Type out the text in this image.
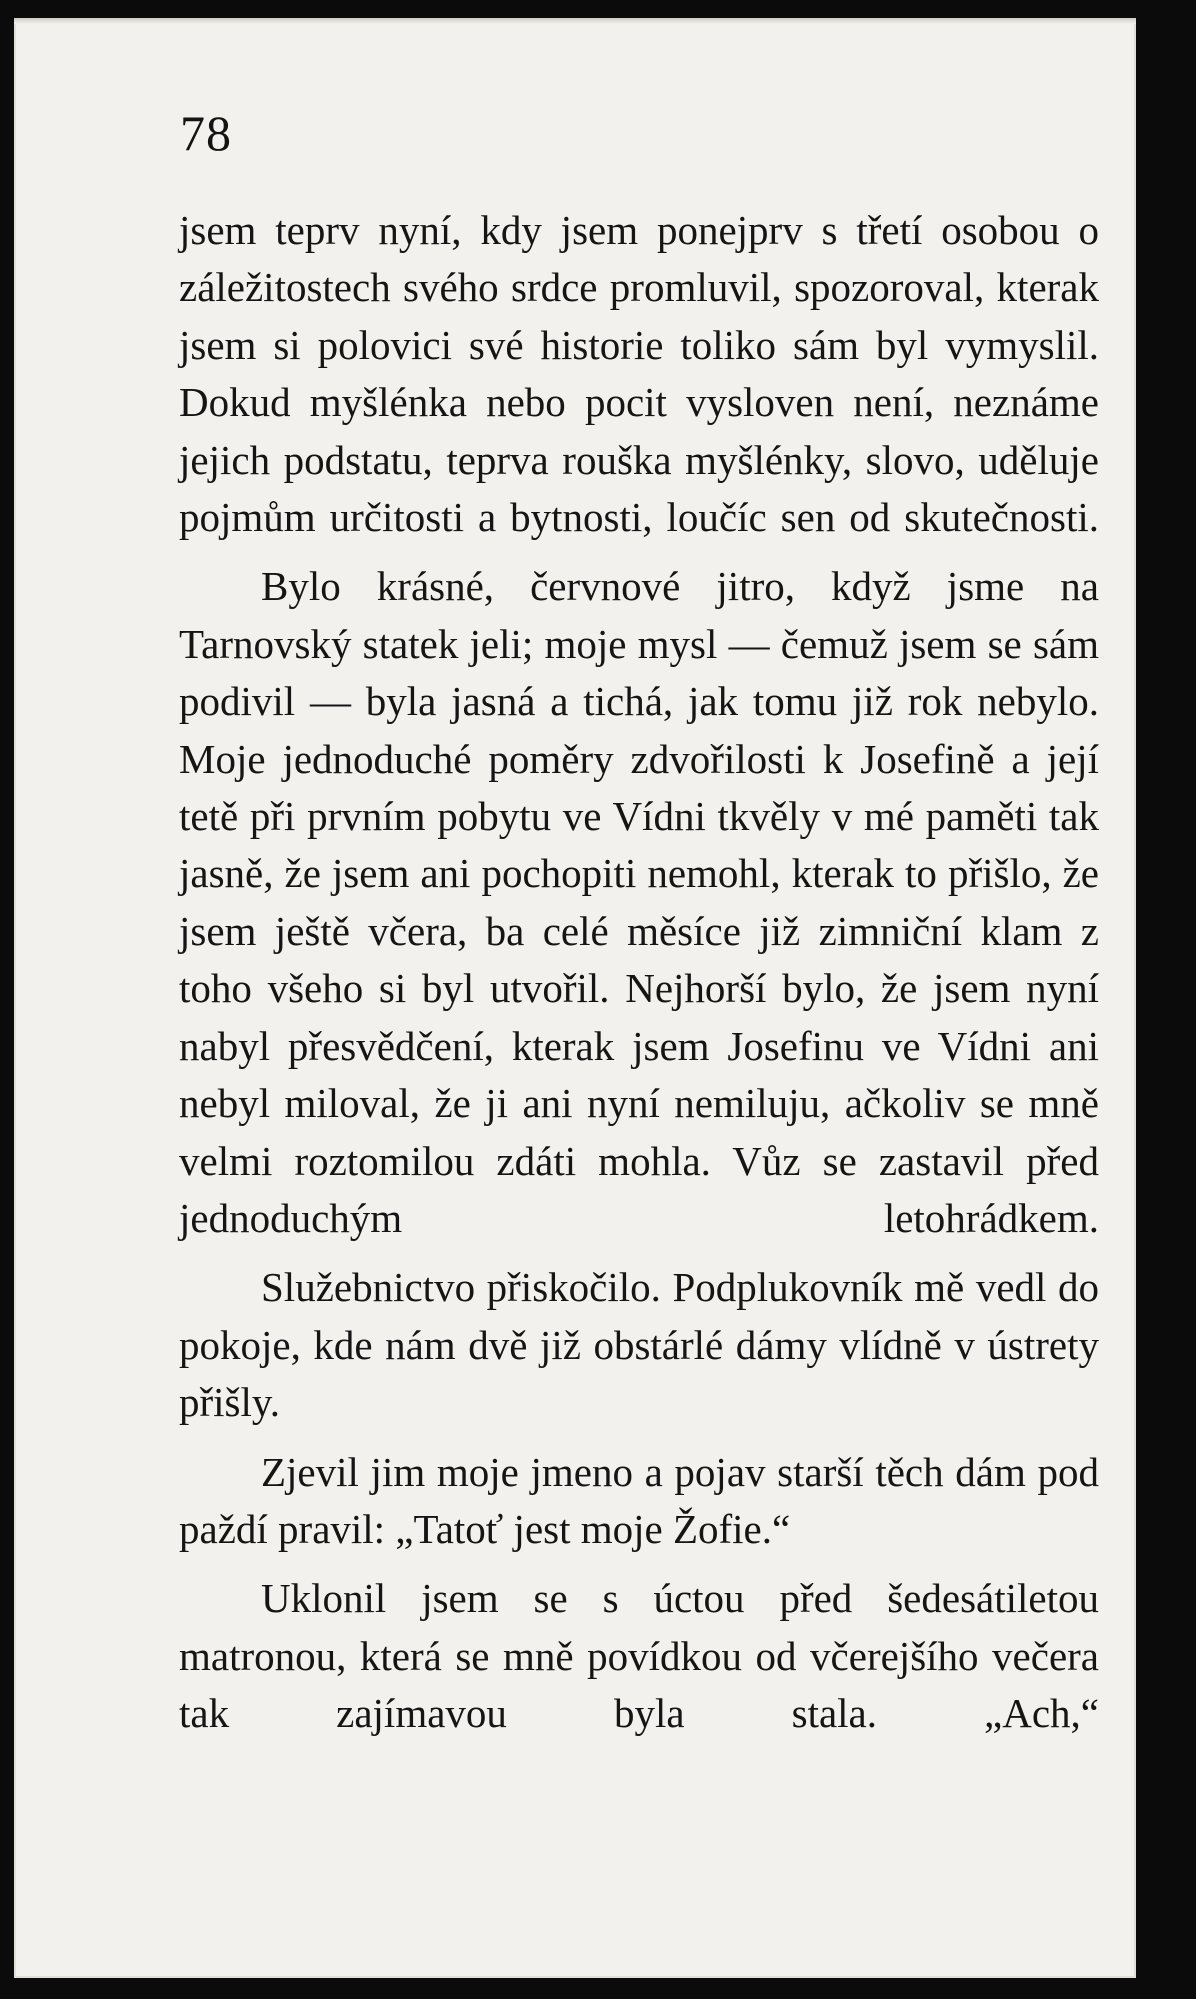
78

jsem teprv nyní, kdy jsem ponejprv s třetí osobou o záležitostech svého srdce promluvil, spozoroval, kterak jsem si polovici své historie toliko sám byl vymyslil. Dokud myšlénka nebo pocit vysloven není, neznáme jejich podstatu, teprva rouška myšlénky, slovo, uděluje pojmům určitosti a bytnosti, loučíc sen od skutečnosti.

Bylo krásné, červnové jitro, když jsme na Tarnovský statek jeli; moje mysl — čemuž jsem se sám podivil — byla jasná a tichá, jak tomu již rok nebylo. Moje jednoduché poměry zdvořilosti k Josefině a její tetě při prvním pobytu ve Vídni tkvěly v mé paměti tak jasně, že jsem ani pochopiti nemohl, kterak to přišlo, že jsem ještě včera, ba celé měsíce již zimniční klam z toho všeho si byl utvořil. Nejhorší bylo, že jsem nyní nabyl přesvědčení, kterak jsem Josefinu ve Vídni ani nebyl miloval, že ji ani nyní nemiluju, ačkoliv se mně velmi roztomilou zdáti mohla. Vůz se zastavil před jednoduchým letohrádkem.

Služebnictvo přiskočilo. Podplukovník mě vedl do pokoje, kde nám dvě již obstárlé dámy vlídně v ústrety přišly.

Zjevil jim moje jmeno a pojav starší těch dám pod paždí pravil: „Tatoť jest moje Žofie.“

Uklonil jsem se s úctou před šedesátiletou matronou, která se mně povídkou od včerejšího večera tak zajímavou byla stala. „Ach,“
